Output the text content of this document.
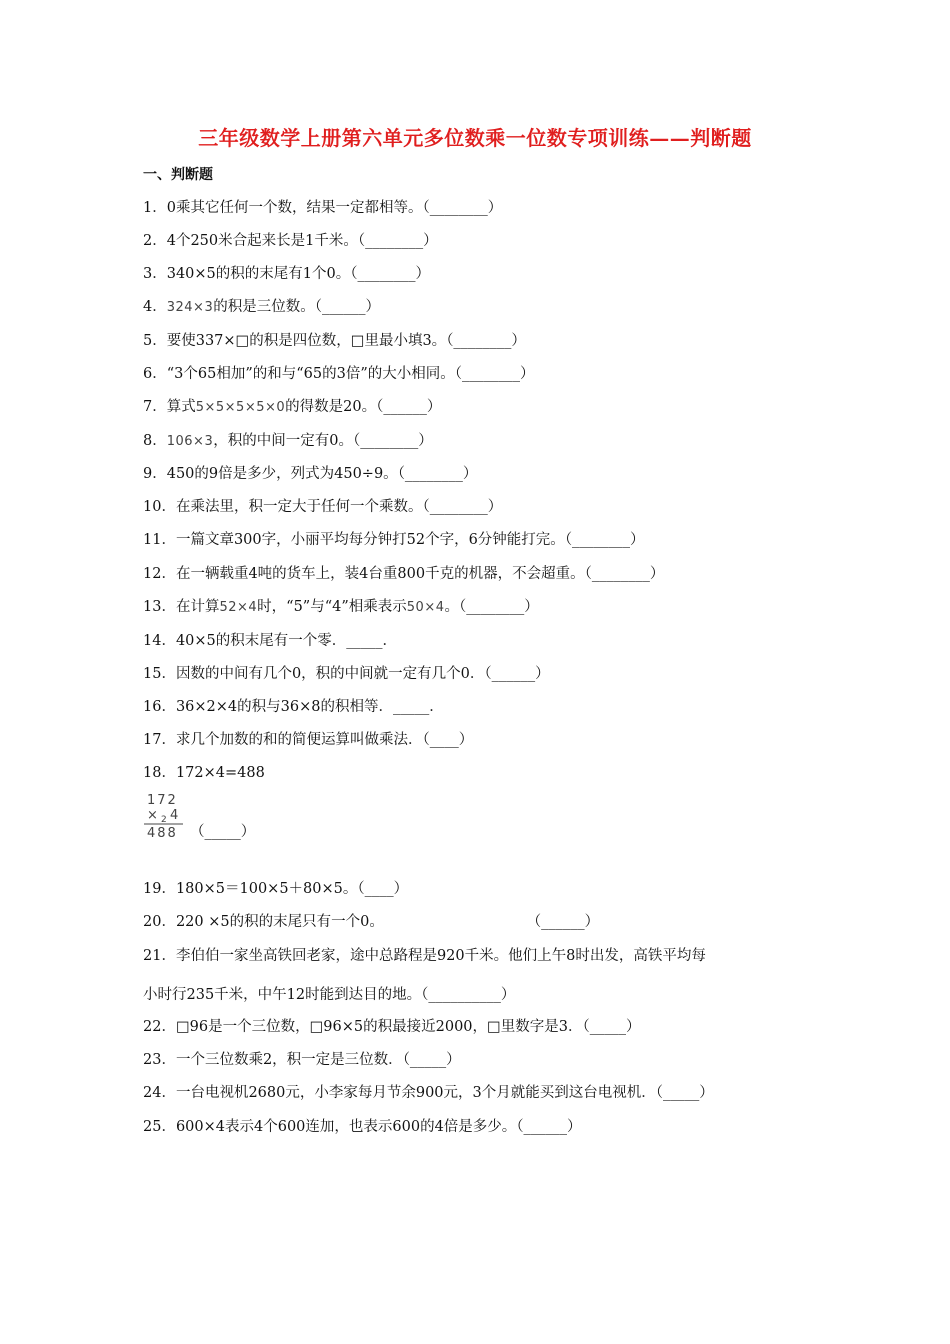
三年级数学上册第六单元多位数乘一位数专项训练——判断题
一、判断题
1．0乘其它任何一个数，结果一定都相等。（________）
2．4个250米合起来长是1千米。（________）
3．340×5的积的末尾有1个0。（________）
4．324×3的积是三位数。（______）
5．要使337×□的积是四位数，□里最小填3。（________）
6．“3个65相加”的和与“65的3倍”的大小相同。（________）
7．算式5×5×5×5×0的得数是20。（______）
8．106×3，积的中间一定有0。（________）
9．450的9倍是多少，列式为450÷9。（________）
10．在乘法里，积一定大于任何一个乘数。（________）
11．一篇文章300字，小丽平均每分钟打52个字，6分钟能打完。（________）
12．在一辆载重4吨的货车上，装4台重800千克的机器，不会超重。（________）
13．在计算52×4时，“5”与“4”相乘表示50×4。（________）
14．40×5的积末尾有一个零．_____．
15．因数的中间有几个0，积的中间就一定有几个0．（______）
16．36×2×4的积与36×8的积相等．_____．
17．求几个加数的和的简便运算叫做乘法．（____）
18．172×4=488
19．180×5＝100×5＋80×5。（____）
20．220 ×5的积的末尾只有一个0。	（______）
21．李伯伯一家坐高铁回老家，途中总路程是920千米。他们上午8时出发，高铁平均每
小时行235千米，中午12时能到达目的地。（__________）
22．□96是一个三位数，□96×5的积最接近2000，□里数字是3．（_____）
23．一个三位数乘2，积一定是三位数．（_____）
24．一台电视机2680元，小李家每月节余900元，3个月就能买到这台电视机．（_____）
25．600×4表示4个600连加，也表示600的4倍是多少。（______）
172
× 2 4
488 （_____）
